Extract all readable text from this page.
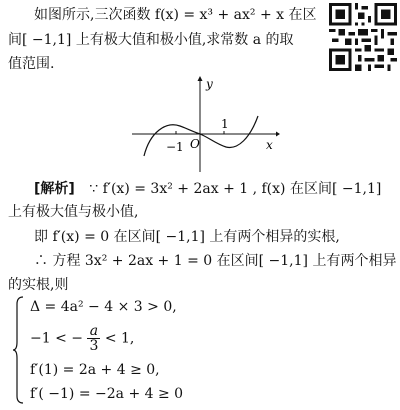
如图所示,三次函数 f(x) = x³ + ax² + x 在区
间[ −1,1] 上有极大值和极小值,求常数 a 的取
值范围.
y
x
O
−1
1
[解析] ∵ f′(x) = 3x² + 2ax + 1 , f(x) 在区间[ −1,1]
上有极大值与极小值,
即 f′(x) = 0 在区间[ −1,1] 上有两个相异的实根,
∴ 方程 3x² + 2ax + 1 = 0 在区间[ −1,1] 上有两个相异
的实根,则
Δ = 4a² − 4 × 3 > 0,
−1 < − $\frac{a}{3} < 1$,
f′(1) = 2a + 4 ≥ 0,
f′( −1) = −2a + 4 ≥ 0
